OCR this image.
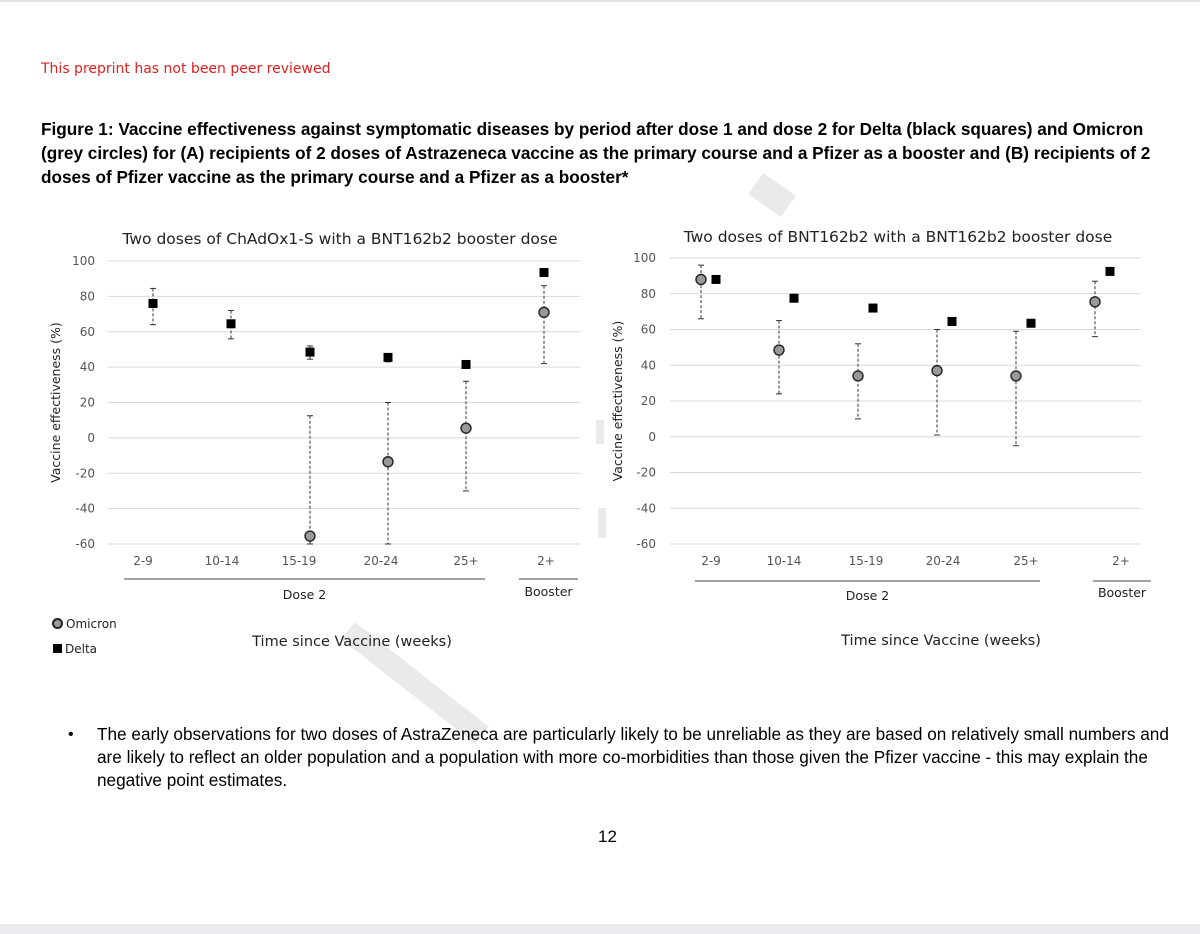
This preprint has not been peer reviewed
Figure 1: Vaccine effectiveness against symptomatic diseases by period after dose 1 and dose 2 for Delta (black squares) and Omicron (grey circles) for (A) recipients of 2 doses of Astrazeneca vaccine as the primary course and a Pfizer as a booster and (B) recipients of 2 doses of Pfizer vaccine as the primary course and a Pfizer as a booster*
100
80
60
40
20
0
-20
-40
-60
Two doses of ChAdOx1-S with a BNT162b2 booster dose
Vaccine effectiveness (%)
2-9	10-14	15-19	20-24	25+	2+
Dose 2	Booster
Time since Vaccine (weeks)
100
80
60
40
20
0
-20
-40
-60
Two doses of BNT162b2 with a BNT162b2 booster dose
Vaccine effectiveness (%)
2-9	10-14	15-19	20-24	25+	2+
Dose 2	Booster
Time since Vaccine (weeks)
Omicron
Delta
•	The early observations for two doses of AstraZeneca are particularly likely to be unreliable as they are based on relatively small numbers and are likely to reflect an older population and a population with more co-morbidities than those given the Pfizer vaccine - this may explain the negative point estimates.
12
